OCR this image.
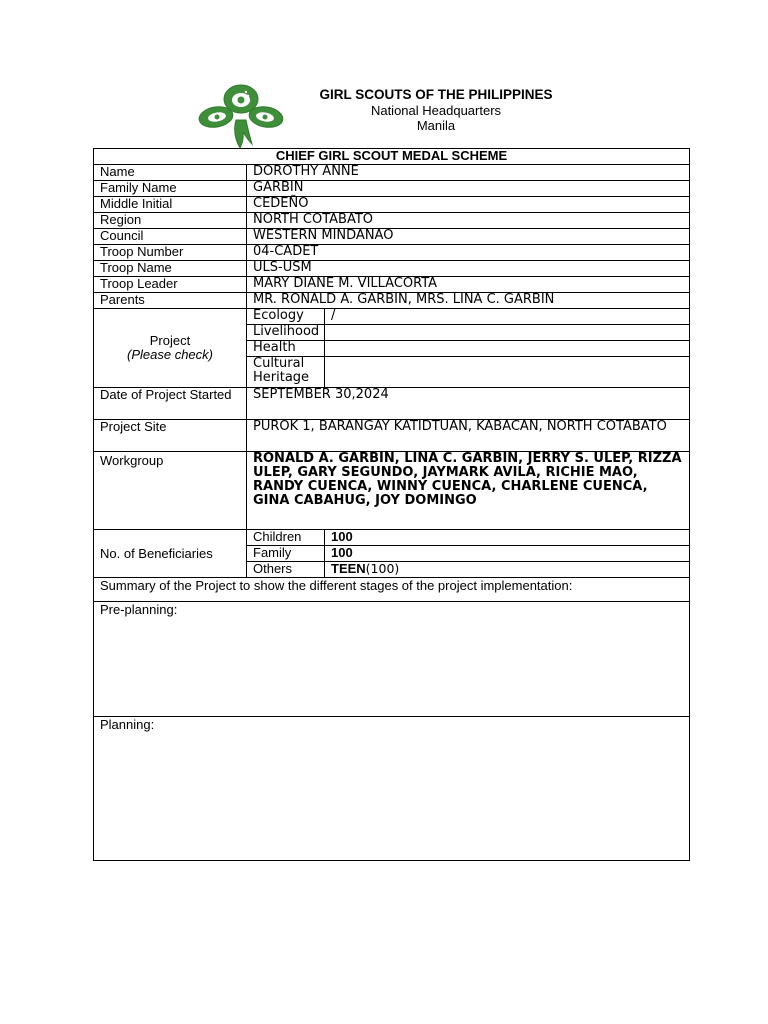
GIRL SCOUTS OF THE PHILIPPINES
National Headquarters
Manila
CHIEF GIRL SCOUT MEDAL SCHEME		
Name	DOROTHY ANNE	
Family Name	GARBIN	
Middle Initial	CEDEÑO	
Region	NORTH COTABATO	
Council	WESTERN MINDANAO	
Troop Number	04-CADET	
Troop Name	ULS-USM	
Troop Leader	MARY DIANE M. VILLACORTA	
Parents	MR. RONALD A. GARBIN, MRS. LINA C. GARBIN	

Project
(Please check)	Ecology	/
	Livelihood	
	Health	
	Cultural Heritage	
Date of Project Started	SEPTEMBER 30,2024	
Project Site	PUROK 1, BARANGAY KATIDTUAN, KABACAN, NORTH COTABATO	
Workgroup	RONALD A. GARBIN, LINA C. GARBIN, JERRY S. ULEP, RIZZA ULEP, GARY SEGUNDO, JAYMARK AVILA, RICHIE MAO, RANDY CUENCA, WINNY CUENCA, CHARLENE CUENCA, GINA CABAHUG, JOY DOMINGO	
No. of Beneficiaries	Children	100
	Family	100
	Others	TEEN(100)
Summary of the Project to show the different stages of the project implementation:		
Pre-planning:		
Planning:		
